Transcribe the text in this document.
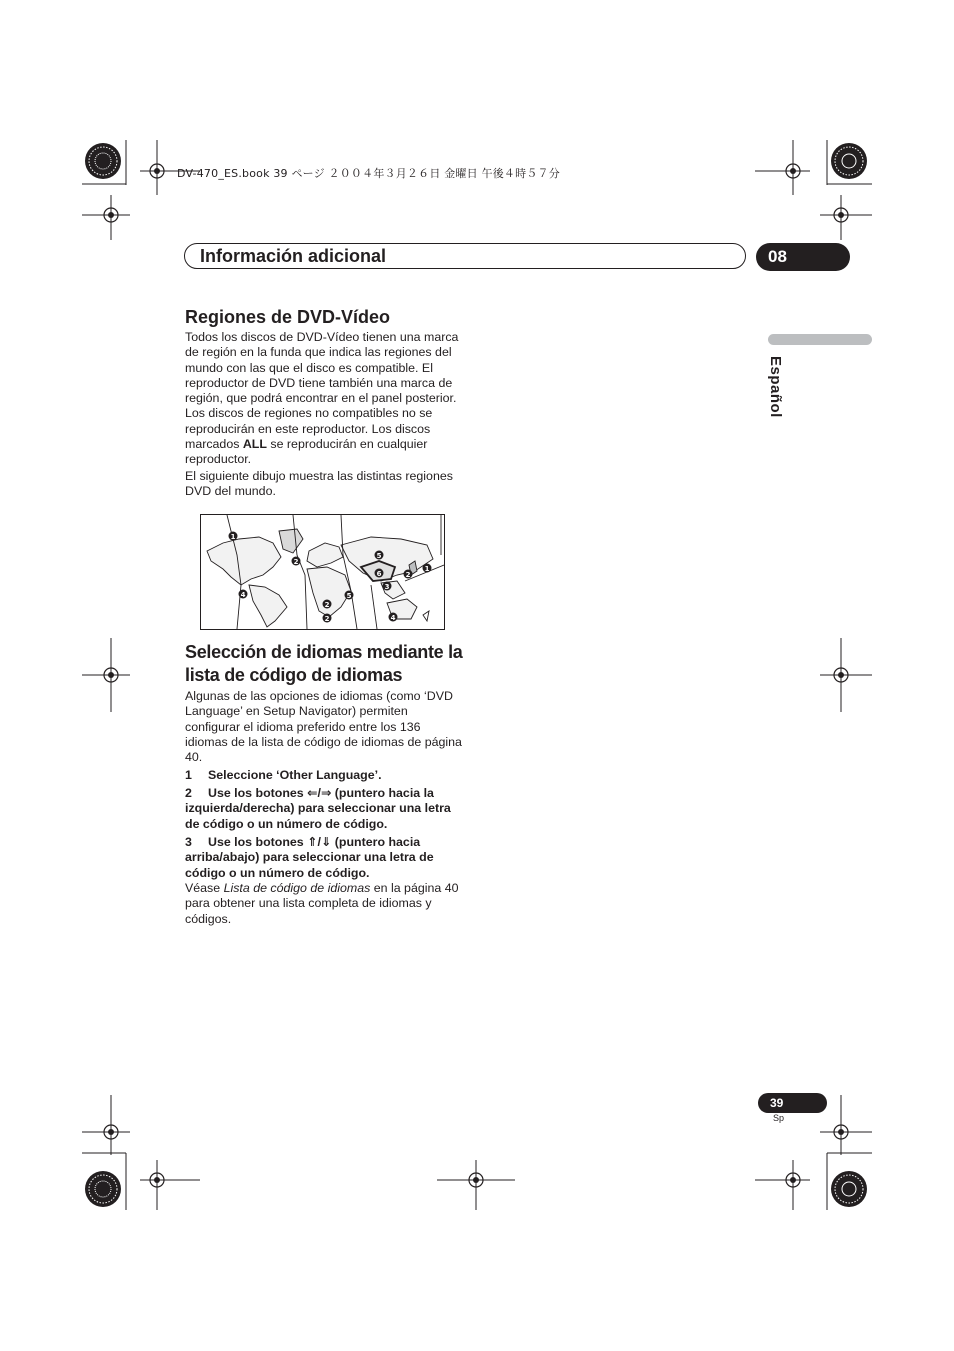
DV-470_ES.book 39 ページ ２００４年３月２６日 金曜日 午後４時５７分
Información adicional	08
Español
Regiones de DVD-Vídeo
Todos los discos de DVD-Vídeo tienen una marca de región en la funda que indica las regiones del mundo con las que el disco es compatible. El reproductor de DVD tiene también una marca de región, que podrá encontrar en el panel posterior. Los discos de regiones no compatibles no se reproducirán en este reproductor. Los discos marcados ALL se reproducirán en cualquier reproductor.
El siguiente dibujo muestra las distintas regiones DVD del mundo.
1
2
4
2
5
6	2
1
3
5
2
4
Selección de idiomas mediante la lista de código de idiomas
Algunas de las opciones de idiomas (como ‘DVD Language’ en Setup Navigator) permiten configurar el idioma preferido entre los 136 idiomas de la lista de código de idiomas de página 40.
1 Seleccione ‘Other Language’.
2 Use los botones ⇐/⇒ (puntero hacia la izquierda/derecha) para seleccionar una letra de código o un número de código.
3 Use los botones ⇑/⇓ (puntero hacia arriba/abajo) para seleccionar una letra de código o un número de código.
Véase Lista de código de idiomas en la página 40 para obtener una lista completa de idiomas y códigos.
39
Sp
